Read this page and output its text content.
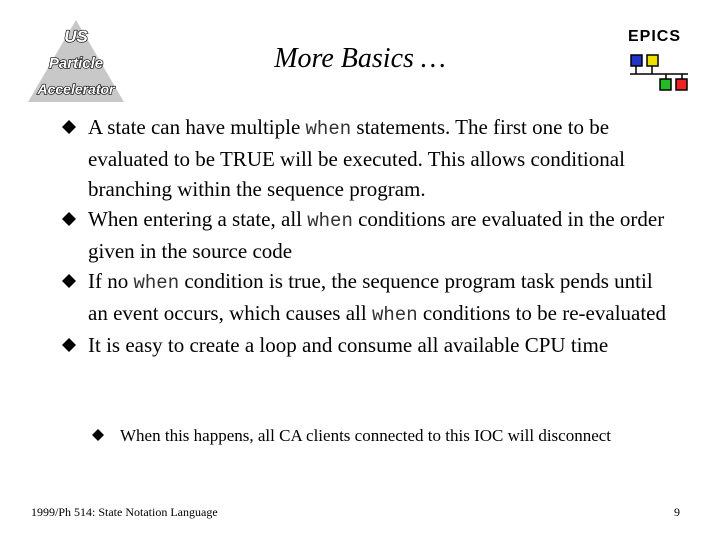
US
Particle
Accelerator
More Basics …
EPICS
A state can have multiple when statements. The first one to be evaluated to be TRUE will be executed. This allows conditional branching within the sequence program.
When entering a state, all when conditions are evaluated in the order given in the source code
If no when condition is true, the sequence program task pends until an event occurs, which causes all when conditions to be re-evaluated
It is easy to create a loop and consume all available CPU time
When this happens, all CA clients connected to this IOC will disconnect
1999/Ph 514: State Notation Language	9
